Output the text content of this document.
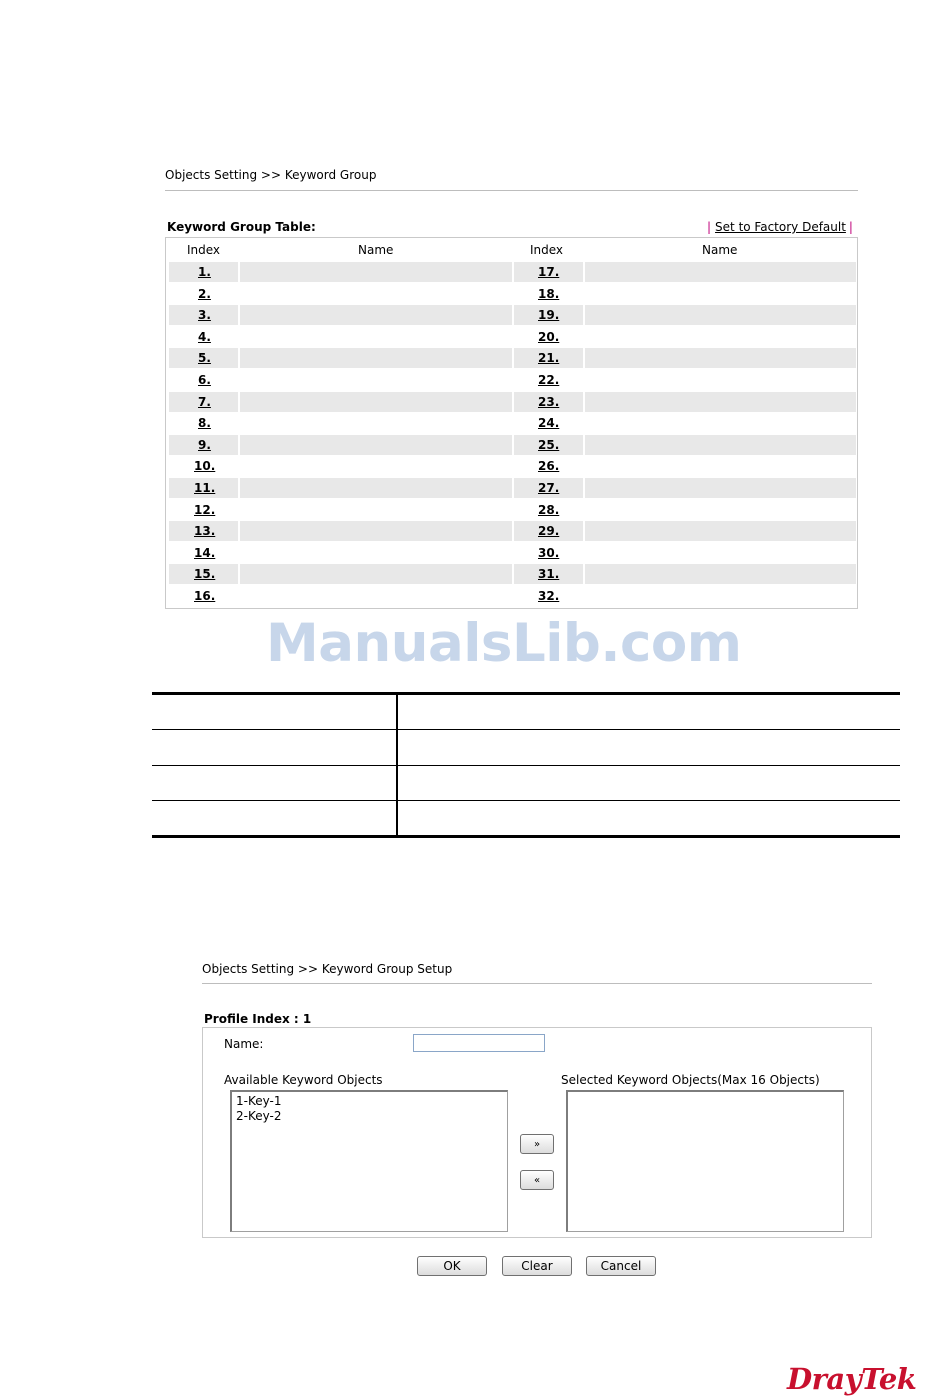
Objects Setting >> Keyword Group
Keyword Group Table:	| Set to Factory Default |
Index	Name	Index	Name
1.	17.
2.	18.
3.	19.
4.	20.
5.	21.
6.	22.
7.	23.
8.	24.
9.	25.
10.	26.
11.	27.
12.	28.
13.	29.
14.	30.
15.	31.
16.	32.
ManualsLib.com
Objects Setting >> Keyword Group Setup
Profile Index : 1
Name:
Available Keyword Objects	Selected Keyword Objects(Max 16 Objects)
1-Key-1
2-Key-2
»
«
OK	Clear	Cancel
DrayTek
